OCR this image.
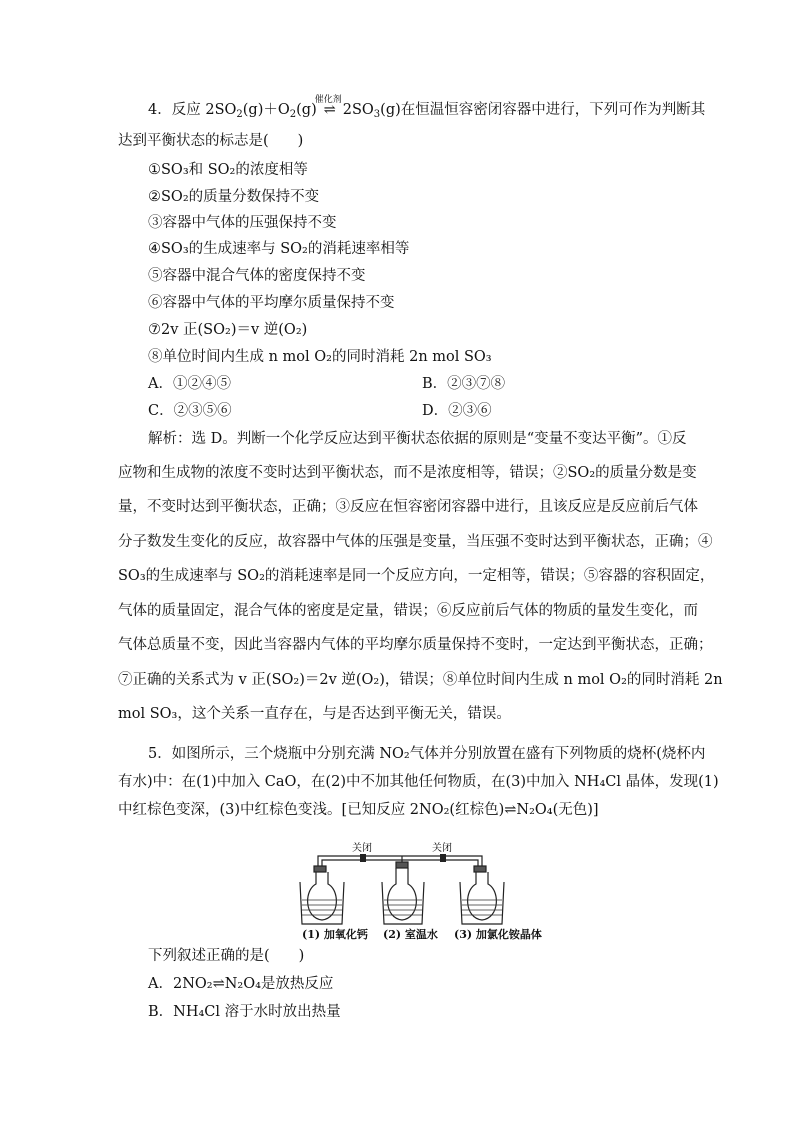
4．反应 $2SO_2(g)+O_2(g)$
催化剂
⇌ $2SO_3(g)$在恒温恒容密闭容器中进行，下列可作为判断其
达到平衡状态的标志是(　　)
①SO₃和 SO₂的浓度相等
②SO₂的质量分数保持不变
③容器中气体的压强保持不变
④SO₃的生成速率与 SO₂的消耗速率相等
⑤容器中混合气体的密度保持不变
⑥容器中气体的平均摩尔质量保持不变
⑦2v 正(SO₂)＝v 逆(O₂)
⑧单位时间内生成 n mol O₂的同时消耗 2n mol SO₃
A．①②④⑤	B．②③⑦⑧
C．②③⑤⑥	D．②③⑥
解析：选 D。判断一个化学反应达到平衡状态依据的原则是“变量不变达平衡”。①反
应物和生成物的浓度不变时达到平衡状态，而不是浓度相等，错误；②SO₂的质量分数是变
量，不变时达到平衡状态，正确；③反应在恒容密闭容器中进行，且该反应是反应前后气体
分子数发生变化的反应，故容器中气体的压强是变量，当压强不变时达到平衡状态，正确；④
SO₃的生成速率与 SO₂的消耗速率是同一个反应方向，一定相等，错误；⑤容器的容积固定，
气体的质量固定，混合气体的密度是定量，错误；⑥反应前后气体的物质的量发生变化，而
气体总质量不变，因此当容器内气体的平均摩尔质量保持不变时，一定达到平衡状态，正确；
⑦正确的关系式为 v 正(SO₂)＝2v 逆(O₂)，错误；⑧单位时间内生成 n mol O₂的同时消耗 2n
mol SO₃，这个关系一直存在，与是否达到平衡无关，错误。
5．如图所示，三个烧瓶中分别充满 NO₂气体并分别放置在盛有下列物质的烧杯(烧杯内
有水)中：在(1)中加入 CaO，在(2)中不加其他任何物质，在(3)中加入 NH₄Cl 晶体，发现(1)
中红棕色变深，(3)中红棕色变浅。[已知反应 2NO₂(红棕色)⇌N₂O₄(无色)]
关闭	关闭
(1) 加氧化钙 (2) 室温水 (3) 加氯化铵晶体
下列叙述正确的是(　　)
A．2NO₂⇌N₂O₄是放热反应
B．NH₄Cl 溶于水时放出热量
